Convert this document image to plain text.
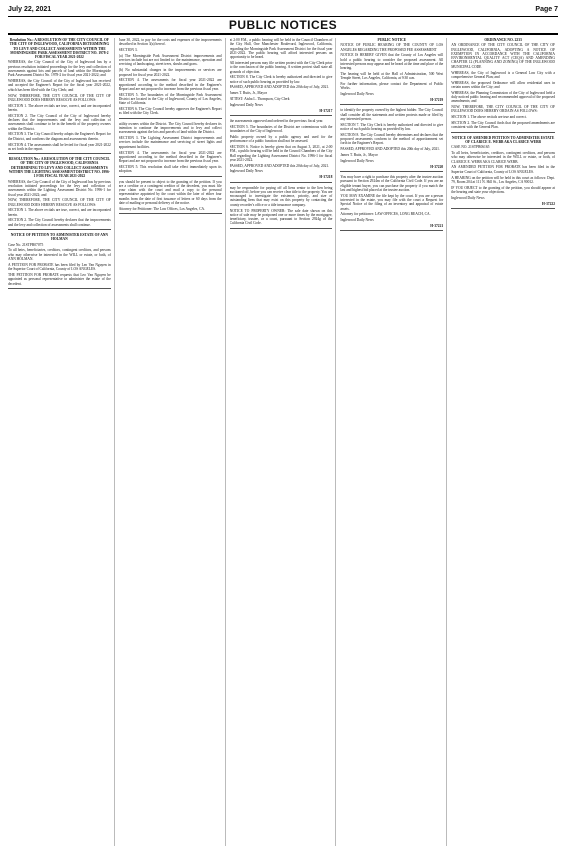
July 22, 2021	Page 7
PUBLIC NOTICES
Resolution No.: A RESOLUTION OF THE CITY COUNCIL OF THE CITY OF INGLEWOOD, CALIFORNIA DETERMINING TO LEVY AND COLLECT ASSESSMENTS WITHIN THE MORNINGSIDE PARK ASSESSMENT DISTRICT NO. 1978-2 FOR FISCAL YEAR 2021-2022

WHEREAS, the City Council of the City of Inglewood has by a previous resolution initiated proceedings for the levy and collection of assessments against lots and parcels of land within the Morningside Park Assessment District No. 1978-2 for fiscal year 2021-2022; and

WHEREAS, the City Council of the City of Inglewood has received and accepted the Engineer's Report for the fiscal year 2021-2022, which has been filed with the City Clerk; and

NOW, THEREFORE, THE CITY COUNCIL OF THE CITY OF INGLEWOOD DOES HEREBY RESOLVE AS FOLLOWS:

SECTION 1. The above recitals are true, correct, and are incorporated herein.

SECTION 2. The City Council of the City of Inglewood hereby declares that the improvements and the levy and collection of assessments shall continue to be in the benefit of the property owners within the District.

SECTION 3. The City Council hereby adopts the Engineer's Report for the District, and confirms the diagram and assessments therein.

SECTION 4. The assessments shall be levied for fiscal year 2021-2022 as set forth in the report.

RESOLUTION No.: A RESOLUTION OF THE CITY COUNCIL OF THE CITY OF INGLEWOOD, CALIFORNIA DETERMINING TO LEVY AND COLLECT ASSESSMENTS WITHIN THE LIGHTING ASSESSMENT DISTRICT NO. 1996-1 FOR FISCAL YEAR 2021-2022

WHEREAS, the City Council of the City of Inglewood has by previous resolution initiated proceedings for the levy and collection of assessments within the Lighting Assessment District No. 1996-1 for fiscal year 2021-2022; and

NOW, THEREFORE, THE CITY COUNCIL OF THE CITY OF INGLEWOOD DOES HEREBY RESOLVE AS FOLLOWS:

SECTION 1. The above recitals are true, correct, and are incorporated herein.

SECTION 2. The City Council hereby declares that the improvements and the levy and collection of assessments shall continue.

NOTICE OF PETITION TO ADMINISTER ESTATE OF ANN HOLMAN

Case No. 21STPB07075

To all heirs, beneficiaries, creditors, contingent creditors, and persons who may otherwise be interested in the WILL or estate, or both, of ANN HOLMAN.

A PETITION FOR PROBATE has been filed by Leo Van Nguyen in the Superior Court of California, County of LOS ANGELES.

THE PETITION FOR PROBATE requests that Leo Van Nguyen be appointed as personal representative to administer the estate of the decedent.

June 30, 2022, to pay for the costs and expenses of the improvements described in Section 3(a) hereof.

SECTION 3.

(a) The Morningside Park Assessment District improvements and services include but are not limited to: the maintenance, operation and servicing of landscaping, street trees, shrubs and grass.

(b) No substantial changes in the improvements or services are proposed for fiscal year 2021-2022.

SECTION 4. The assessments for fiscal year 2021-2022 are apportioned according to the method described in the Engineer's Report and are not proposed to increase from the previous fiscal year.

SECTION 5. The boundaries of the Morningside Park Assessment District are located in the City of Inglewood, County of Los Angeles, State of California.

SECTION 6. The City Council hereby approves the Engineer's Report as filed with the City Clerk.

utility owners within the District. The City Council hereby declares its intention to continue the improvements and to levy and collect assessments against the lots and parcels of land within the District.

SECTION 3. The Lighting Assessment District improvements and services include the maintenance and servicing of street lights and appurtenant facilities.

SECTION 4. The assessments for fiscal year 2021-2022 are apportioned according to the method described in the Engineer's Report and are not proposed to increase from the previous fiscal year.

SECTION 5. This resolution shall take effect immediately upon its adoption.

you should be present to object to the granting of the petition. If you are a creditor or a contingent creditor of the decedent, you must file your claim with the court and mail a copy to the personal representative appointed by the court within the later of either four months from the date of first issuance of letters or 60 days from the date of mailing or personal delivery of the notice.

Attorney for Petitioner: The Law Offices, Los Angeles, CA.

at 2:00 P.M., a public hearing will be held in the Council Chambers of the City Hall, One Manchester Boulevard, Inglewood, California, regarding the Morningside Park Assessment District for the fiscal year 2021-2022. The public hearing will afford interested persons an opportunity to be heard.

All interested persons may file written protest with the City Clerk prior to the conclusion of the public hearing. A written protest shall state all grounds of objection.

SECTION 8. The City Clerk is hereby authorized and directed to give notice of such public hearing as provided by law.

PASSED, APPROVED AND ADOPTED this 20th day of July, 2021.

James T. Butts, Jr., Mayor

ATTEST: Aisha L. Thompson, City Clerk

Inglewood Daily News

H-37217

the assessments approved and ordered in the previous fiscal year.

SECTION 5. The boundaries of the District are coterminous with the boundaries of the City of Inglewood.

Public property owned by a public agency and used for the performance of a public function shall not be assessed.

SECTION 6. Notice is hereby given that on August 3, 2021, at 2:00 P.M., a public hearing will be held in the Council Chambers of the City Hall regarding the Lighting Assessment District No. 1996-1 for fiscal year 2021-2022.

PASSED, APPROVED AND ADOPTED this 20th day of July, 2021.

Inglewood Daily News

H-37218

may be responsible for paying off all liens senior to the lien being auctioned off, before you can receive clear title to the property. You are encouraged to investigate the existence, priority, and size of outstanding liens that may exist on this property by contacting the county recorder's office or a title insurance company.

NOTICE TO PROPERTY OWNER: The sale date shown on this notice of sale may be postponed one or more times by the mortgagee, beneficiary, trustee, or a court, pursuant to Section 2924g of the California Civil Code.

PUBLIC NOTICE

NOTICE OF PUBLIC HEARING OF THE COUNTY OF LOS ANGELES REGARDING THE PROPOSED FEE ASSESSMENT

NOTICE IS HEREBY GIVEN that the County of Los Angeles will hold a public hearing to consider the proposed assessment. All interested persons may appear and be heard at the time and place of the hearing.

The hearing will be held at the Hall of Administration, 500 West Temple Street, Los Angeles, California, at 9:30 a.m.

For further information, please contact the Department of Public Works.

Inglewood Daily News

H-37219

to identify the property owned by the highest bidder. The City Council shall consider all the statements and written protests made or filed by any interested person.

SECTION 7. The City Clerk is hereby authorized and directed to give notice of such public hearing as provided by law.

SECTION 8. The City Council hereby determines and declares that the proposed assessments conform to the method of apportionment set forth in the Engineer's Report.

PASSED, APPROVED AND ADOPTED this 20th day of July, 2021.

James T. Butts, Jr., Mayor

Inglewood Daily News

H-37220

You may have a right to purchase this property after the trustee auction pursuant to Section 2924m of the California Civil Code. If you are an eligible tenant buyer, you can purchase the property if you match the last and highest bid placed at the trustee auction.

YOU MAY EXAMINE the file kept by the court. If you are a person interested in the estate, you may file with the court a Request for Special Notice of the filing of an inventory and appraisal of estate assets.

Attorney for petitioner: LAW OFFICES, LONG BEACH, CA.

Inglewood Daily News

H-37221
ORDINANCE NO. 2233

AN ORDINANCE OF THE CITY COUNCIL OF THE CITY OF INGLEWOOD, CALIFORNIA, ADOPTING A NOTICE OF EXEMPTION IN ACCORDANCE WITH THE CALIFORNIA ENVIRONMENTAL QUALITY ACT (CEQA) AND AMENDING CHAPTER 12 (PLANNING AND ZONING) OF THE INGLEWOOD MUNICIPAL CODE

WHEREAS, the City of Inglewood is a General Law City with a comprehensive General Plan; and

WHEREAS, the proposed Ordinance will allow residential uses in certain zones within the City; and

WHEREAS, the Planning Commission of the City of Inglewood held a duly noticed public hearing and recommended approval of the proposed amendments; and

NOW, THEREFORE, THE CITY COUNCIL OF THE CITY OF INGLEWOOD DOES HEREBY ORDAIN AS FOLLOWS:

SECTION 1. The above recitals are true and correct.

SECTION 2. The City Council finds that the proposed amendments are consistent with the General Plan.

NOTICE OF AMENDED PETITION TO ADMINISTER ESTATE OF CLARICE E. WEBB AKA CLARICE WEBB

CASE NO. 21STPB06165

To all heirs, beneficiaries, creditors, contingent creditors, and persons who may otherwise be interested in the WILL or estate, or both, of CLARICE E. WEBB AKA CLARICE WEBB.

AN AMENDED PETITION FOR PROBATE has been filed in the Superior Court of California, County of LOS ANGELES.

A HEARING on the petition will be held in this court as follows: Dept. 79, Room 204 at 111 N. Hill St., Los Angeles, CA 90012.

IF YOU OBJECT to the granting of the petition, you should appear at the hearing and state your objections.

Inglewood Daily News

H-37222
